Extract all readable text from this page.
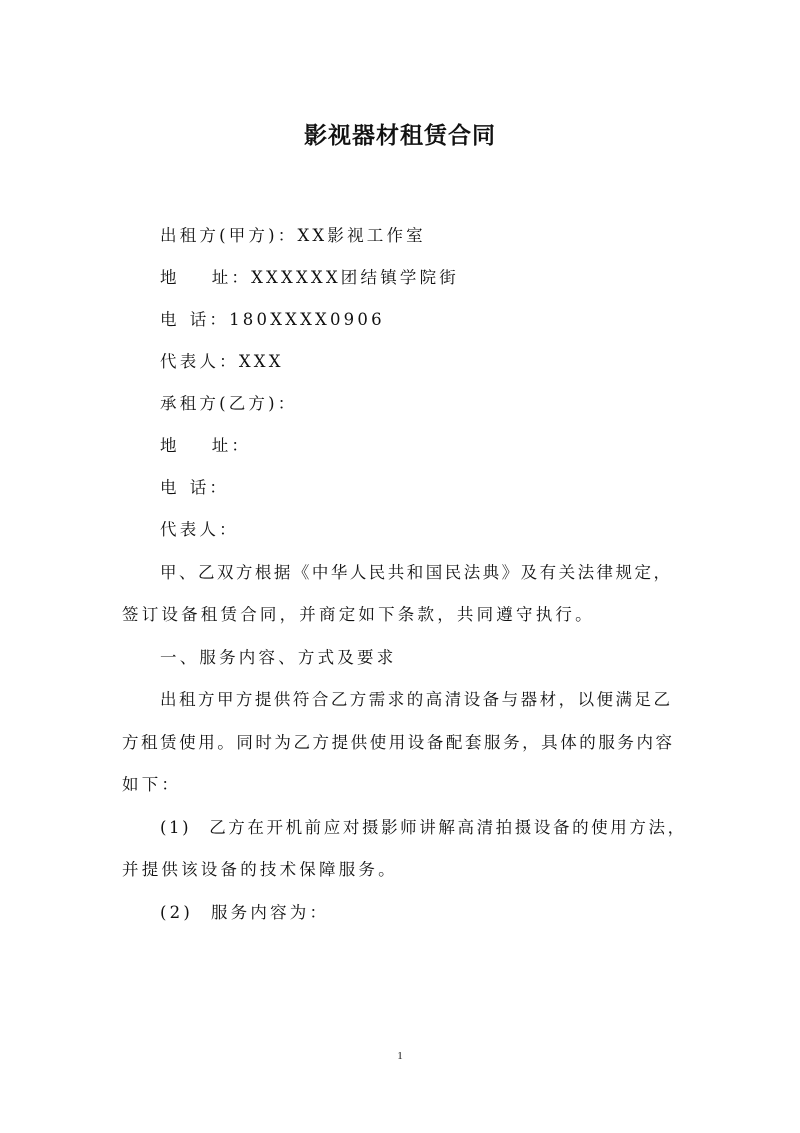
影视器材租赁合同
出租方(甲方)：XX影视工作室
地 址：XXXXXX团结镇学院街
电 话：180XXXX0906
代表人：XXX
承租方(乙方)：
地 址：
电 话：
代表人：
甲、乙双方根据《中华人民共和国民法典》及有关法律规定，
签订设备租赁合同，并商定如下条款，共同遵守执行。
一、服务内容、方式及要求
出租方甲方提供符合乙方需求的高清设备与器材，以便满足乙
方租赁使用。同时为乙方提供使用设备配套服务，具体的服务内容
如下：
(1) 乙方在开机前应对摄影师讲解高清拍摄设备的使用方法，
并提供该设备的技术保障服务。
(2) 服务内容为：
1
